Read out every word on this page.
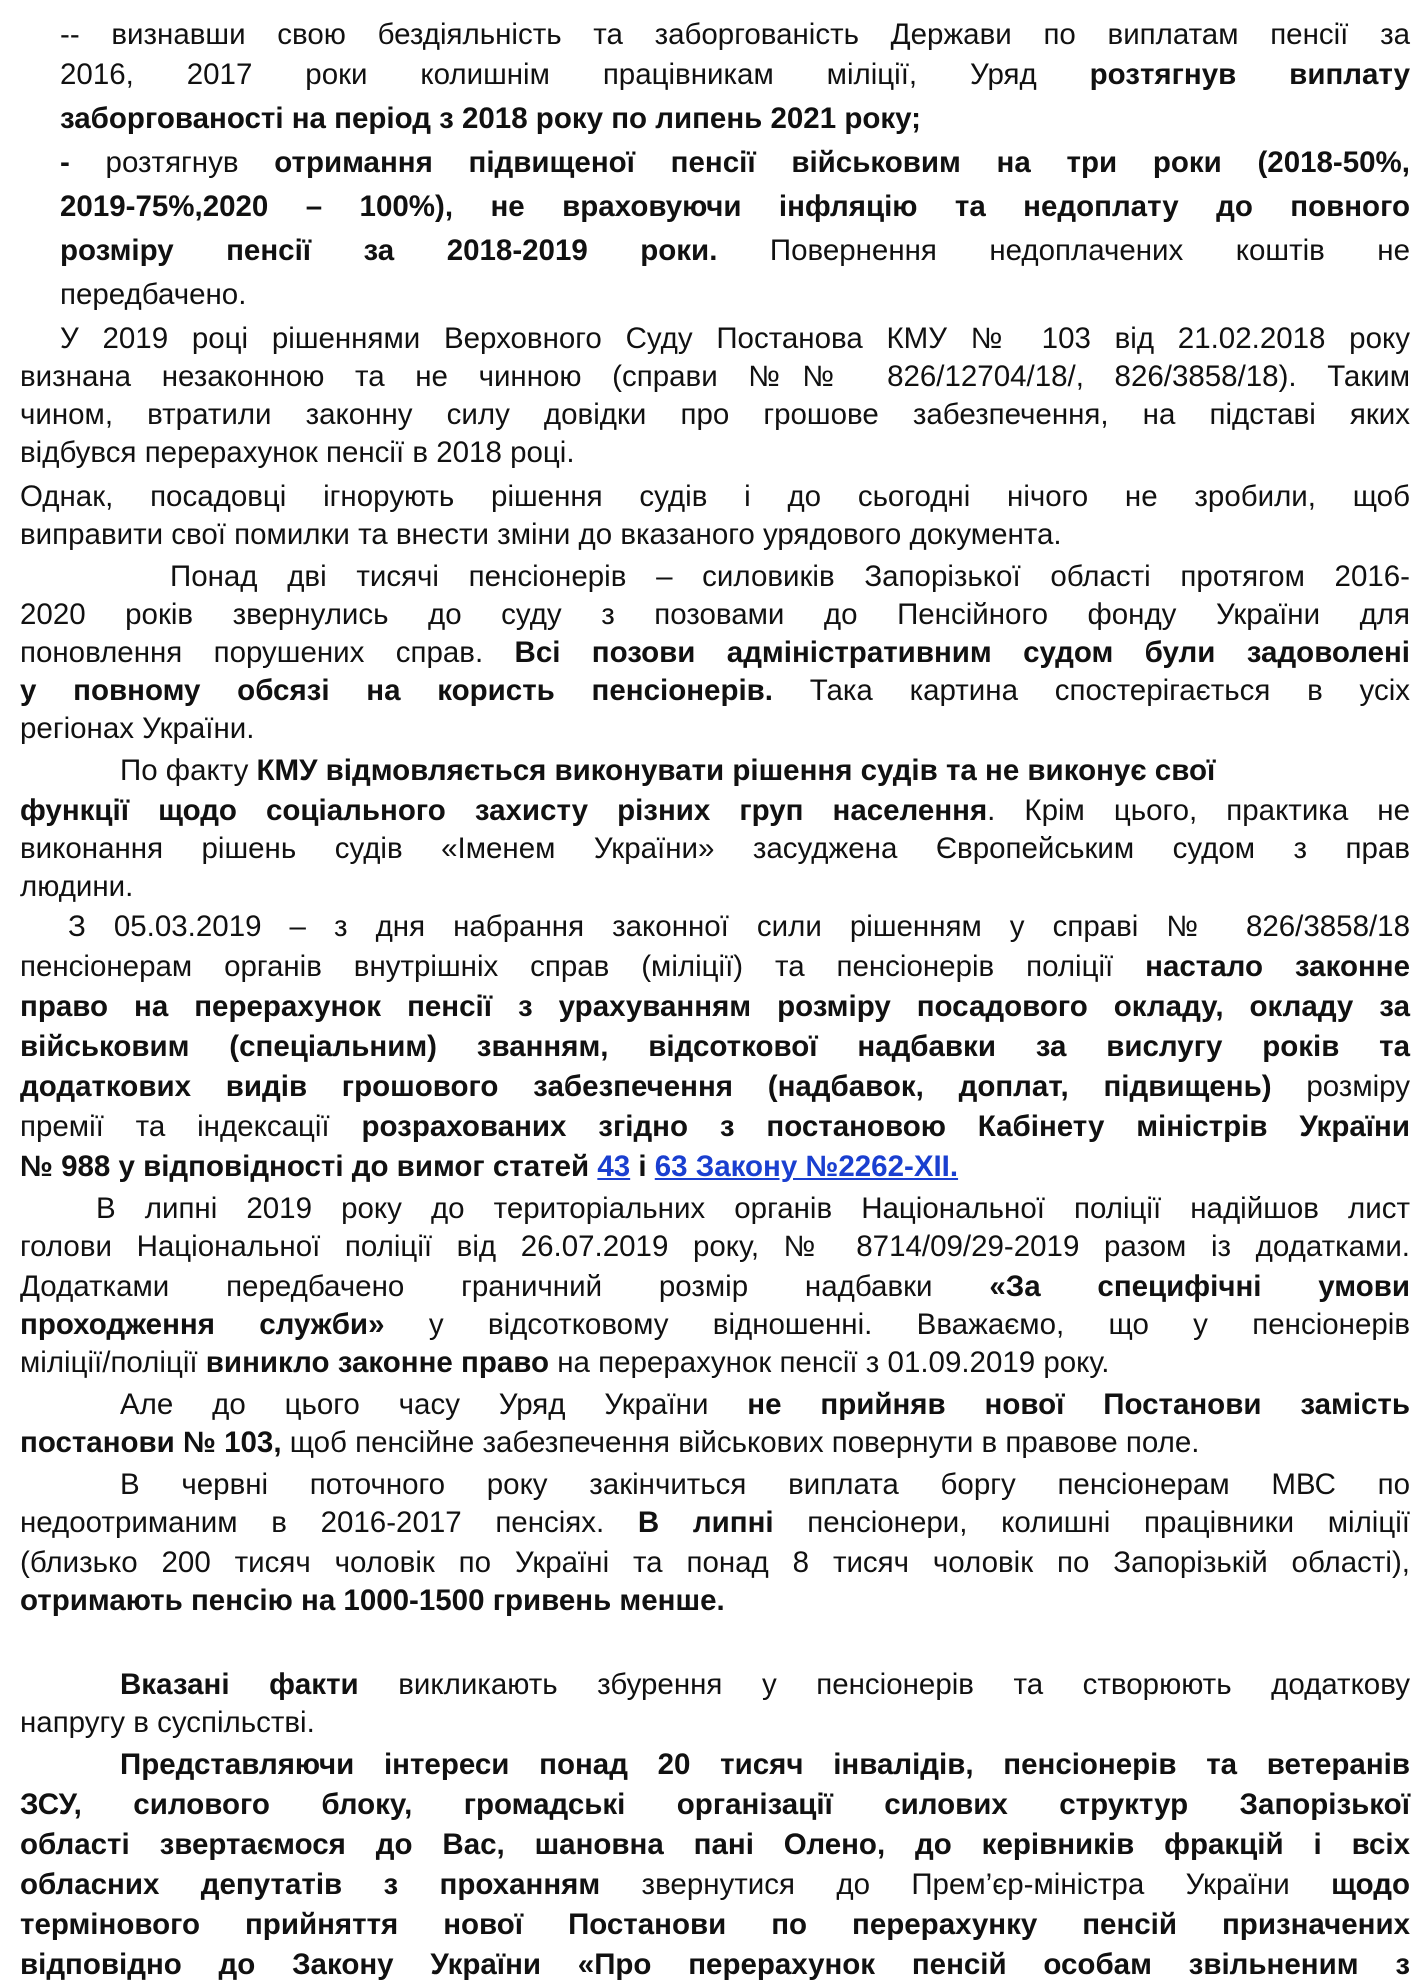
-- визнавши свою бездіяльність та заборгованість Держави по виплатам пенсії за
2016, 2017 роки колишнім працівникам міліції, Уряд розтягнув виплату
заборгованості на період з 2018 року по липень 2021 року;
- розтягнув отримання підвищеної пенсії військовим на три роки (2018-50%,
2019-75%,2020 – 100%), не враховуючи інфляцію та недоплату до повного
розміру пенсії за 2018-2019 роки. Повернення недоплачених коштів не
передбачено.
У 2019 році рішеннями Верховного Суду Постанова КМУ № 103 від 21.02.2018 року
визнана незаконною та не чинною (справи №№ 826/12704/18/, 826/3858/18). Таким
чином, втратили законну силу довідки про грошове забезпечення, на підставі яких
відбувся перерахунок пенсії в 2018 році.
Однак, посадовці ігнорують рішення судів і до сьогодні нічого не зробили, щоб
виправити свої помилки та внести зміни до вказаного урядового документа.
Понад дві тисячі пенсіонерів – силовиків Запорізької області протягом 2016-
2020 років звернулись до суду з позовами до Пенсійного фонду України для
поновлення порушених справ. Всі позови адміністративним судом були задоволені
у повному обсязі на користь пенсіонерів. Така картина спостерігається в усіх
регіонах України.
По факту КМУ відмовляється виконувати рішення судів та не виконує свої
функції щодо соціального захисту різних груп населення. Крім цього, практика не
виконання рішень судів «Іменем України» засуджена Європейським судом з прав
людини.
З 05.03.2019 – з дня набрання законної сили рішенням у справі № 826/3858/18
пенсіонерам органів внутрішніх справ (міліції) та пенсіонерів поліції настало законне
право на перерахунок пенсії з урахуванням розміру посадового окладу, окладу за
військовим (спеціальним) званням, відсоткової надбавки за вислугу років та
додаткових видів грошового забезпечення (надбавок, доплат, підвищень) розміру
премії та індексації розрахованих згідно з постановою Кабінету міністрів України
№ 988 у відповідності до вимог статей 43 і 63 Закону №2262-XII.
В липні 2019 року до територіальних органів Національної поліції надійшов лист
голови Національної поліції від 26.07.2019 року, № 8714/09/29-2019 разом із додатками.
Додатками передбачено граничний розмір надбавки «За специфічні умови
проходження служби» у відсотковому відношенні. Вважаємо, що у пенсіонерів
міліції/поліції виникло законне право на перерахунок пенсії з 01.09.2019 року.
Але до цього часу Уряд України не прийняв нової Постанови замість
постанови № 103, щоб пенсійне забезпечення військових повернути в правове поле.
В червні поточного року закінчиться виплата боргу пенсіонерам МВС по
недоотриманим в 2016-2017 пенсіях. В липні пенсіонери, колишні працівники міліції
(близько 200 тисяч чоловік по Україні та понад 8 тисяч чоловік по Запорізькій області),
отримають пенсію на 1000-1500 гривень менше.
Вказані факти викликають збурення у пенсіонерів та створюють додаткову
напругу в суспільстві.
Представляючи інтереси понад 20 тисяч інвалідів, пенсіонерів та ветеранів
ЗСУ, силового блоку, громадські організації силових структур Запорізької
області звертаємося до Вас, шановна пані Олено, до керівників фракцій і всіх
обласних депутатів з проханням звернутися до Прем’єр-міністра України щодо
термінового прийняття нової Постанови по перерахунку пенсій призначених
відповідно до Закону України «Про перерахунок пенсій особам звільненим з
